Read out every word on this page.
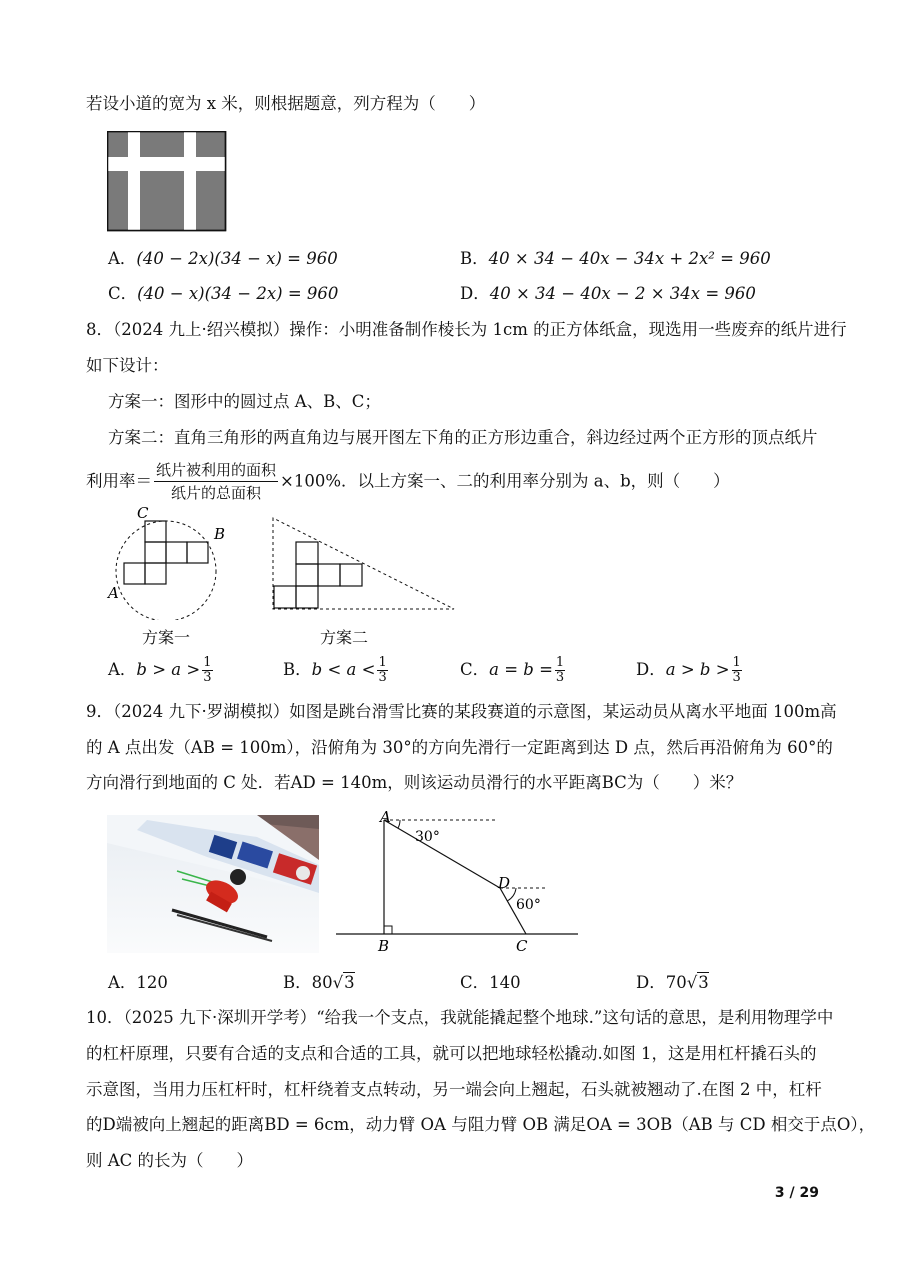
若设小道的宽为 x 米，则根据题意，列方程为（　　）
A．(40 − 2x)(34 − x) = 960	B．40 × 34 − 40x − 34x + 2x² = 960
C．(40 − x)(34 − 2x) = 960	D．40 × 34 − 40x − 2 × 34x = 960
8．（2024 九上·绍兴模拟）操作：小明准备制作棱长为 1cm 的正方体纸盒，现选用一些废弃的纸片进行
如下设计：
方案一：图形中的圆过点 A、B、C；
方案二：直角三角形的两直角边与展开图左下角的正方形边重合，斜边经过两个正方形的顶点纸片
利用率＝ $\frac{\text{纸片被利用的面积}}{\text{纸片的总面积}} \times 100\%$．以上方案一、二的利用率分别为 a、b，则（　　）
C
B
A
方案一	方案二
A．$b > a > \frac{1}{3}$	B．$b < a < \frac{1}{3}$	C．$a = b = \frac{1}{3}$	D．$a > b > \frac{1}{3}$
9．（2024 九下·罗湖模拟）如图是跳台滑雪比赛的某段赛道的示意图，某运动员从离水平地面 100m高
的 A 点出发（AB = 100m），沿俯角为 30°的方向先滑行一定距离到达 D 点，然后再沿俯角为 60°的
方向滑行到地面的 C 处．若AD = 140m，则该运动员滑行的水平距离BC为（　　）米？
A
30°
D
60°
B	C
A．120	B．80√3	C．140	D．70√3
10．（2025 九下·深圳开学考）“给我一个支点，我就能撬起整个地球.”这句话的意思，是利用物理学中
的杠杆原理，只要有合适的支点和合适的工具，就可以把地球轻松撬动.如图 1，这是用杠杆撬石头的
示意图，当用力压杠杆时，杠杆绕着支点转动，另一端会向上翘起，石头就被翘动了.在图 2 中，杠杆
的D端被向上翘起的距离BD = 6cm，动力臂 OA 与阻力臂 OB 满足OA = 3OB（AB 与 CD 相交于点O），
则 AC 的长为（　　）
3 / 29
